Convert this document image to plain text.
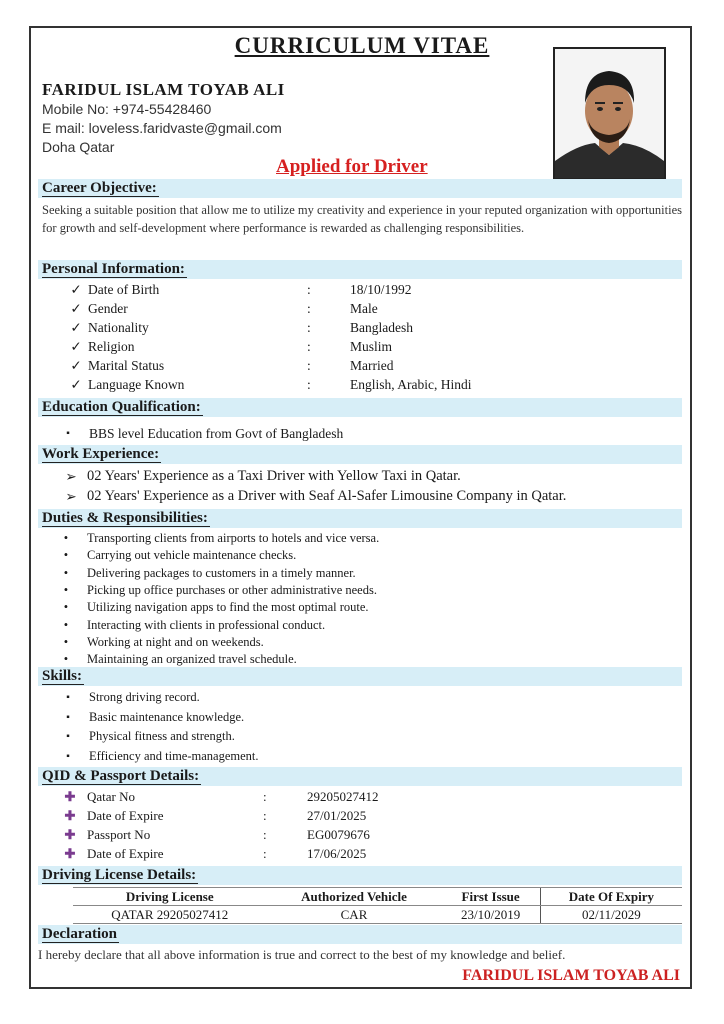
CURRICULUM VITAE
FARIDUL ISLAM TOYAB ALI
Mobile No: +974-55428460
E mail: loveless.faridvaste@gmail.com
Doha Qatar
Applied for Driver
Career Objective:
Seeking a suitable position that allow me to utilize my creativity and experience in your reputed organization with opportunities for growth and self-development where performance is rewarded as challenging responsibilities.
Personal Information:
✓ Date of Birth	:	18/10/1992
✓ Gender	:	Male
✓ Nationality	:	Bangladesh
✓ Religion	:	Muslim
✓ Marital Status	:	Married
✓ Language Known	:	English, Arabic, Hindi
Education Qualification:
▪	BBS level Education from Govt of Bangladesh
Work Experience:
➢ 02 Years' Experience as a Taxi Driver with Yellow Taxi in Qatar.
➢ 02 Years' Experience as a Driver with Seaf Al-Safer Limousine Company in Qatar.
Duties & Responsibilities:
• Transporting clients from airports to hotels and vice versa.
• Carrying out vehicle maintenance checks.
• Delivering packages to customers in a timely manner.
• Picking up office purchases or other administrative needs.
• Utilizing navigation apps to find the most optimal route.
• Interacting with clients in professional conduct.
• Working at night and on weekends.
• Maintaining an organized travel schedule.
Skills:
▪	Strong driving record.
▪	Basic maintenance knowledge.
▪	Physical fitness and strength.
▪	Efficiency and time-management.
QID & Passport Details:
✚ Qatar No	:	29205027412
✚ Date of Expire	:	27/01/2025
✚ Passport No	:	EG0079676
✚ Date of Expire	:	17/06/2025
Driving License Details:
Driving License	Authorized Vehicle	First Issue	Date Of Expiry
QATAR 29205027412	CAR	23/10/2019	02/11/2029
Declaration
I hereby declare that all above information is true and correct to the best of my knowledge and belief.
FARIDUL ISLAM TOYAB ALI
